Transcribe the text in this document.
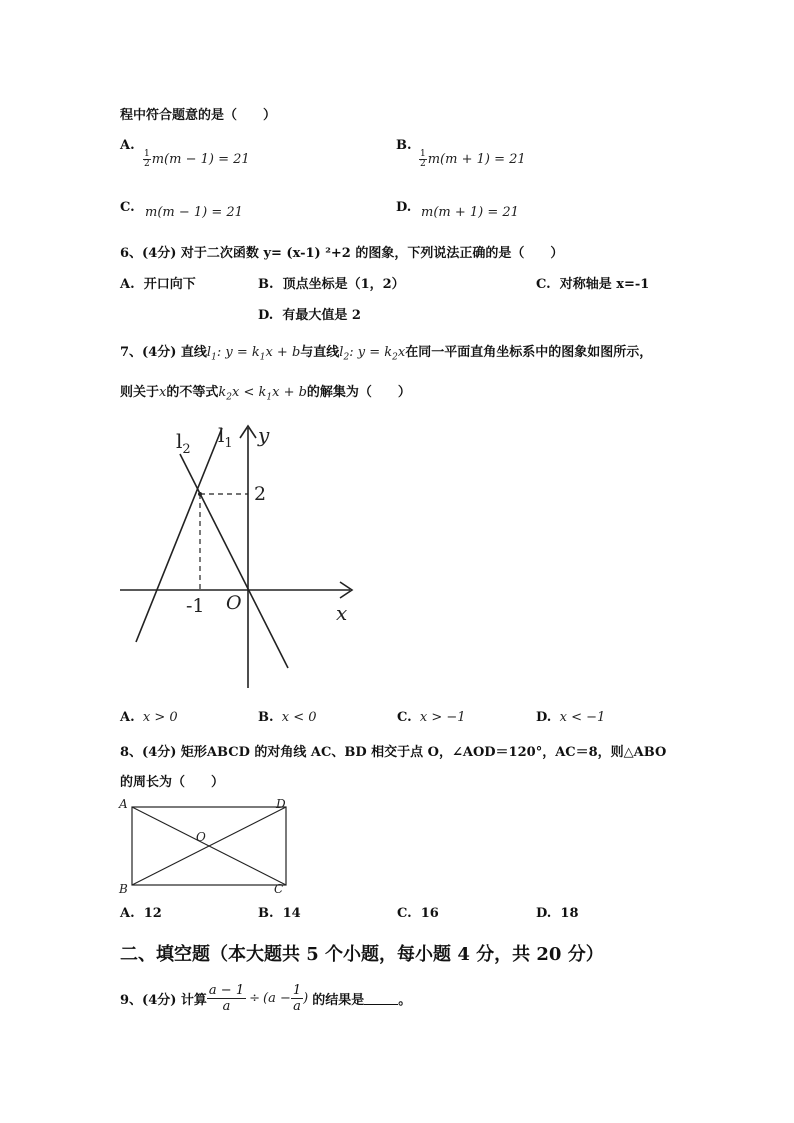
程中符合题意的是（　　）
A.
$\frac{1}{2} m(m - 1) = 21$
B.
$\frac{1}{2} m(m + 1) = 21$
C. m(m − 1) = 21	D. m(m + 1) = 21
6、(4分) 对于二次函数 y= (x-1) ²+2 的图象，下列说法正确的是（　　）
A. 开口向下	B. 顶点坐标是（1，2）	C. 对称轴是 x=-1
D. 有最大值是 2
7、(4分) 直线$l_1$: $y = k_1x + b$与直线$l_2$: $y = k_2x$在同一平面直角坐标系中的图象如图所示，
则关于x的不等式$k_2x < k_1x + b$的解集为（　　）
$l_2$
$l_1$ y
x
O
-1
2
A. x > 0	B. x < 0	C. x > −1	D. x < −1
8、(4分) 矩形ABCD 的对角线 AC、BD 相交于点 O，∠AOD＝120°，AC＝8，则△ABO
的周长为（　　）
A	D
B	C
O
A. 12	B. 14	C. 16	D. 18
二、填空题（本大题共 5 个小题，每小题 4 分，共 20 分）
9、(4分) 计算 $\frac{a - 1}{a} \div (a - \frac{1}{a}$ ) 的结果是	。
